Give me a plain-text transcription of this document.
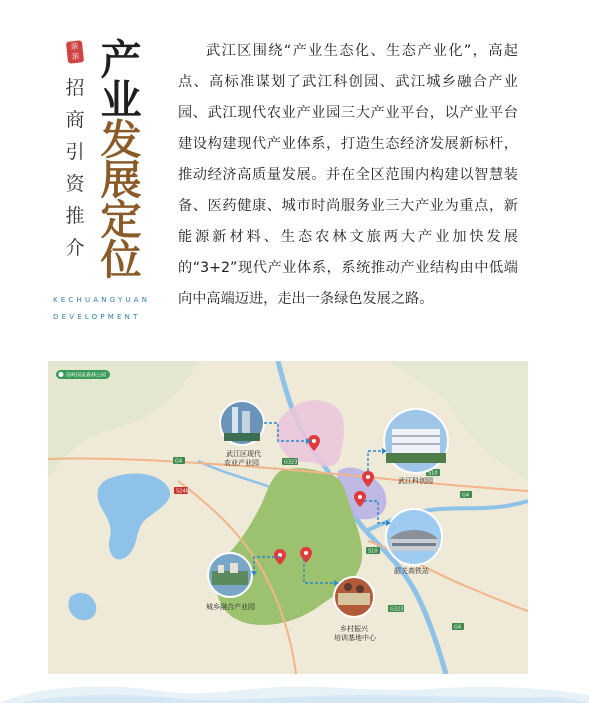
亲
亲
招
商
引
资
推
介
产
业
发
展
定
位
KECHUANGYUAN
DEVELOPMENT

武江区围绕“产业生态化、生态产业化”，高起点、高标准谋划了武江科创园、武江城乡融合产业园、武江现代农业产业园三大产业平台，以产业平台建设构建现代产业体系，打造生态经济发展新标杆，推动经济高质量发展。并在全区范围内构建以智慧装备、医药健康、城市时尚服务业三大产业为重点，新能源新材料、生态农林文旅两大产业加快发展的“3+2”现代产业体系，系统推动产业结构由中低端向中高端迈进，走出一条绿色发展之路。

G4	G323
S10
S10
G4
G323
S248
G4
南岭国家森林公园
武江区现代
农业产业园
武江科创园
韶关高铁站
城乡融合产业园
乡村振兴
培训基地中心
